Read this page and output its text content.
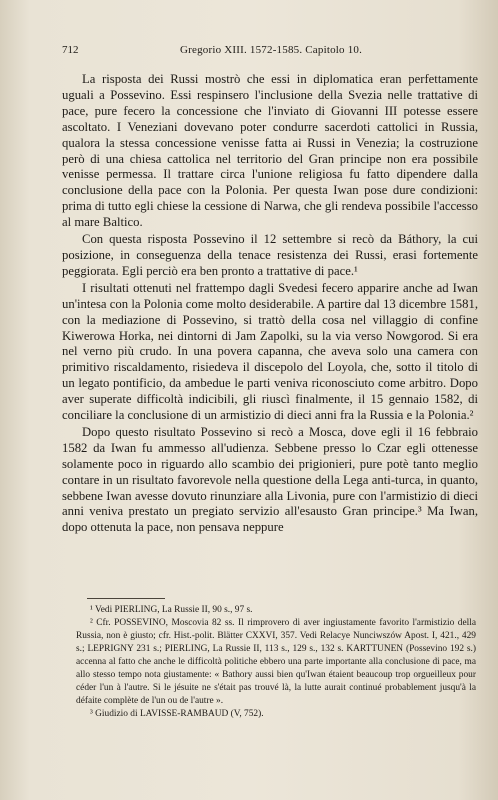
712	Gregorio XIII. 1572-1585. Capitolo 10.

La risposta dei Russi mostrò che essi in diplomatica eran perfettamente uguali a Possevino. Essi respinsero l'inclusione della Svezia nelle trattative di pace, pure fecero la concessione che l'inviato di Giovanni III potesse essere ascoltato. I Veneziani dovevano poter condurre sacerdoti cattolici in Russia, qualora la stessa concessione venisse fatta ai Russi in Venezia; la costruzione però di una chiesa cattolica nel territorio del Gran principe non era possibile venisse permessa. Il trattare circa l'unione religiosa fu fatto dipendere dalla conclusione della pace con la Polonia. Per questa Iwan pose dure condizioni: prima di tutto egli chiese la cessione di Narwa, che gli rendeva possibile l'accesso al mare Baltico.

Con questa risposta Possevino il 12 settembre si recò da Báthory, la cui posizione, in conseguenza della tenace resistenza dei Russi, erasi fortemente peggiorata. Egli perciò era ben pronto a trattative di pace.¹

I risultati ottenuti nel frattempo dagli Svedesi fecero apparire anche ad Iwan un'intesa con la Polonia come molto desiderabile. A partire dal 13 dicembre 1581, con la mediazione di Possevino, si trattò della cosa nel villaggio di confine Kiwerowa Horka, nei dintorni di Jam Zapolki, su la via verso Nowgorod. Si era nel verno più crudo. In una povera capanna, che aveva solo una camera con primitivo riscaldamento, risiedeva il discepolo del Loyola, che, sotto il titolo di un legato pontificio, da ambedue le parti veniva riconosciuto come arbitro. Dopo aver superate difficoltà indicibili, gli riuscì finalmente, il 15 gennaio 1582, di conciliare la conclusione di un armistizio di dieci anni fra la Russia e la Polonia.²

Dopo questo risultato Possevino si recò a Mosca, dove egli il 16 febbraio 1582 da Iwan fu ammesso all'udienza. Sebbene presso lo Czar egli ottenesse solamente poco in riguardo allo scambio dei prigionieri, pure potè tanto meglio contare in un risultato favorevole nella questione della Lega anti-turca, in quanto, sebbene Iwan avesse dovuto rinunziare alla Livonia, pure con l'armistizio di dieci anni veniva prestato un pregiato servizio all'esausto Gran principe.³ Ma Iwan, dopo ottenuta la pace, non pensava neppure

¹ Vedi PIERLING, La Russie II, 90 s., 97 s.

² Cfr. POSSEVINO, Moscovia 82 ss. Il rimprovero di aver ingiustamente favorito l'armistizio della Russia, non è giusto; cfr. Hist.-polit. Blätter CXXVI, 357. Vedi Relacye Nunciwszów Apost. I, 421., 429 s.; LEPRIGNY 231 s.; PIERLING, La Russie II, 113 s., 129 s., 132 s. KARTTUNEN (Possevino 192 s.) accenna al fatto che anche le difficoltà politiche ebbero una parte importante alla conclusione di pace, ma allo stesso tempo nota giustamente: « Bathory aussi bien qu'Iwan étaient beaucoup trop orgueilleux pour céder l'un à l'autre. Si le jésuite ne s'était pas trouvé là, la lutte aurait continué probablement jusqu'à la défaite complète de l'un ou de l'autre ».

³ Giudizio di LAVISSE-RAMBAUD (V, 752).
